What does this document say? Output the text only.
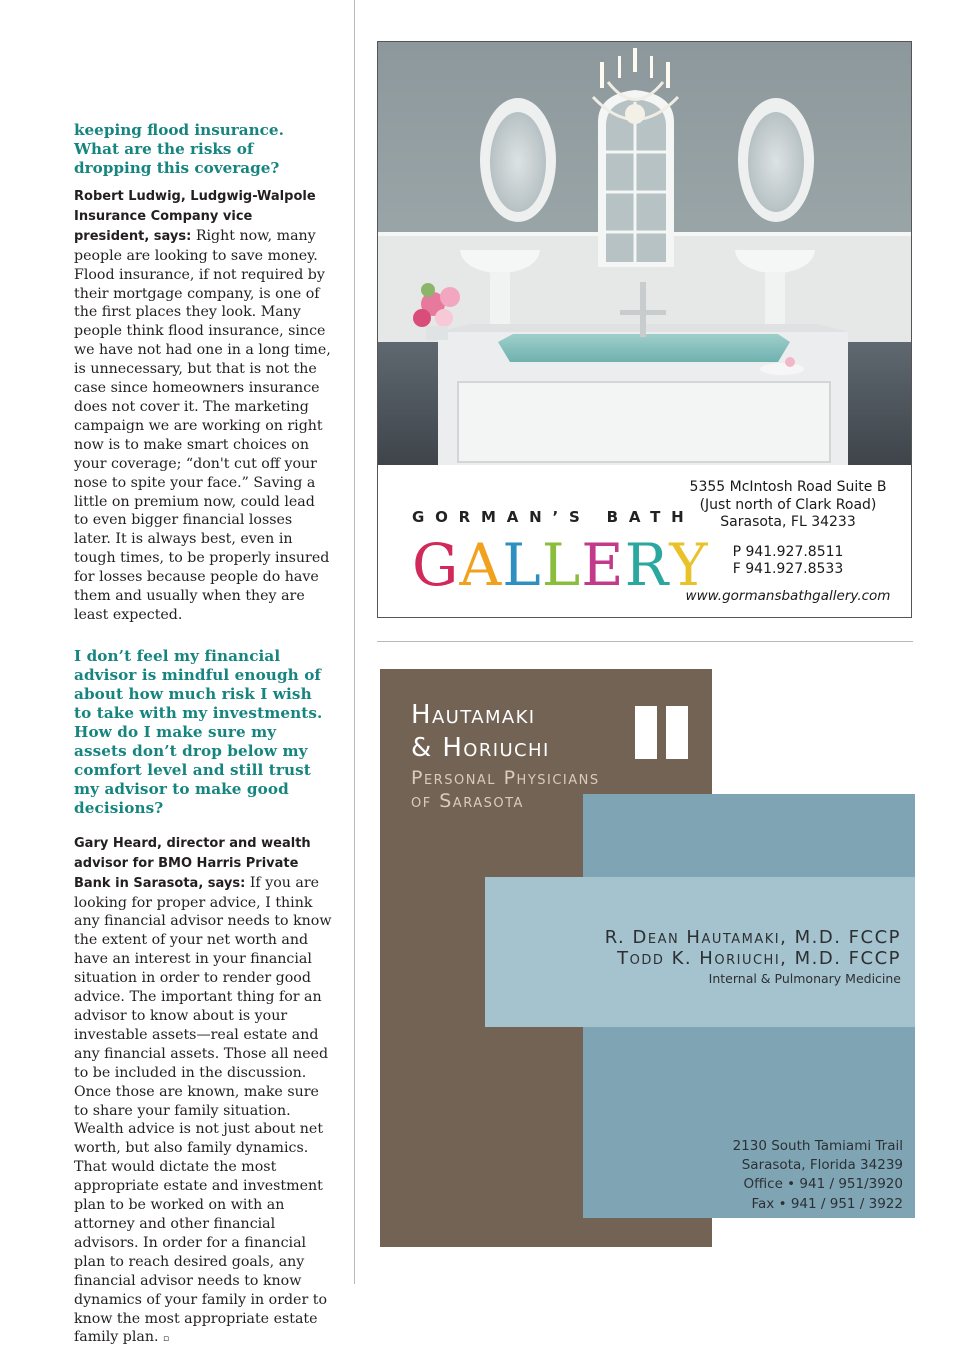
keeping flood insurance. What are the risks of dropping this coverage?

Robert Ludwig, Ludgwig-Walpole Insurance Company vice president, says: Right now, many people are looking to save money. Flood insurance, if not required by their mortgage company, is one of the first places they look. Many people think flood insurance, since we have not had one in a long time, is unnecessary, but that is not the case since homeowners insurance does not cover it. The marketing campaign we are working on right now is to make smart choices on your coverage; “don't cut off your nose to spite your face.” Saving a little on premium now, could lead to even bigger financial losses later. It is always best, even in tough times, to be properly insured for losses because people do have them and usually when they are least expected.

I don’t feel my financial advisor is mindful enough of about how much risk I wish to take with my investments. How do I make sure my assets don’t drop below my comfort level and still trust my advisor to make good decisions?

Gary Heard, director and wealth advisor for BMO Harris Private Bank in Sarasota, says: If you are looking for proper advice, I think any financial advisor needs to know the extent of your net worth and have an interest in your financial situation in order to render good advice. The important thing for an advisor to know about is your investable assets—real estate and any financial assets. Those all need to be included in the discussion. Once those are known, make sure to share your family situation. Wealth advice is not just about net worth, but also family dynamics. That would dictate the most appropriate estate and investment plan to be worked on with an attorney and other financial advisors. In order for a financial plan to reach desired goals, any financial advisor needs to know dynamics of your family in order to know the most appropriate estate family plan. ▫

GORMAN’S BATH
GALLERY
5355 McIntosh Road Suite B
(Just north of Clark Road)
Sarasota, FL 34233
P 941.927.8511
F 941.927.8533
www.gormansbathgallery.com
Hautamaki
& Horiuchi
Personal Physicians
of Sarasota
R. Dean Hautamaki, M.D. FCCP
Todd K. Horiuchi, M.D. FCCP
Internal & Pulmonary Medicine
2130 South Tamiami Trail
Sarasota, Florida 34239
Office • 941 / 951/3920
Fax • 941 / 951 / 3922
